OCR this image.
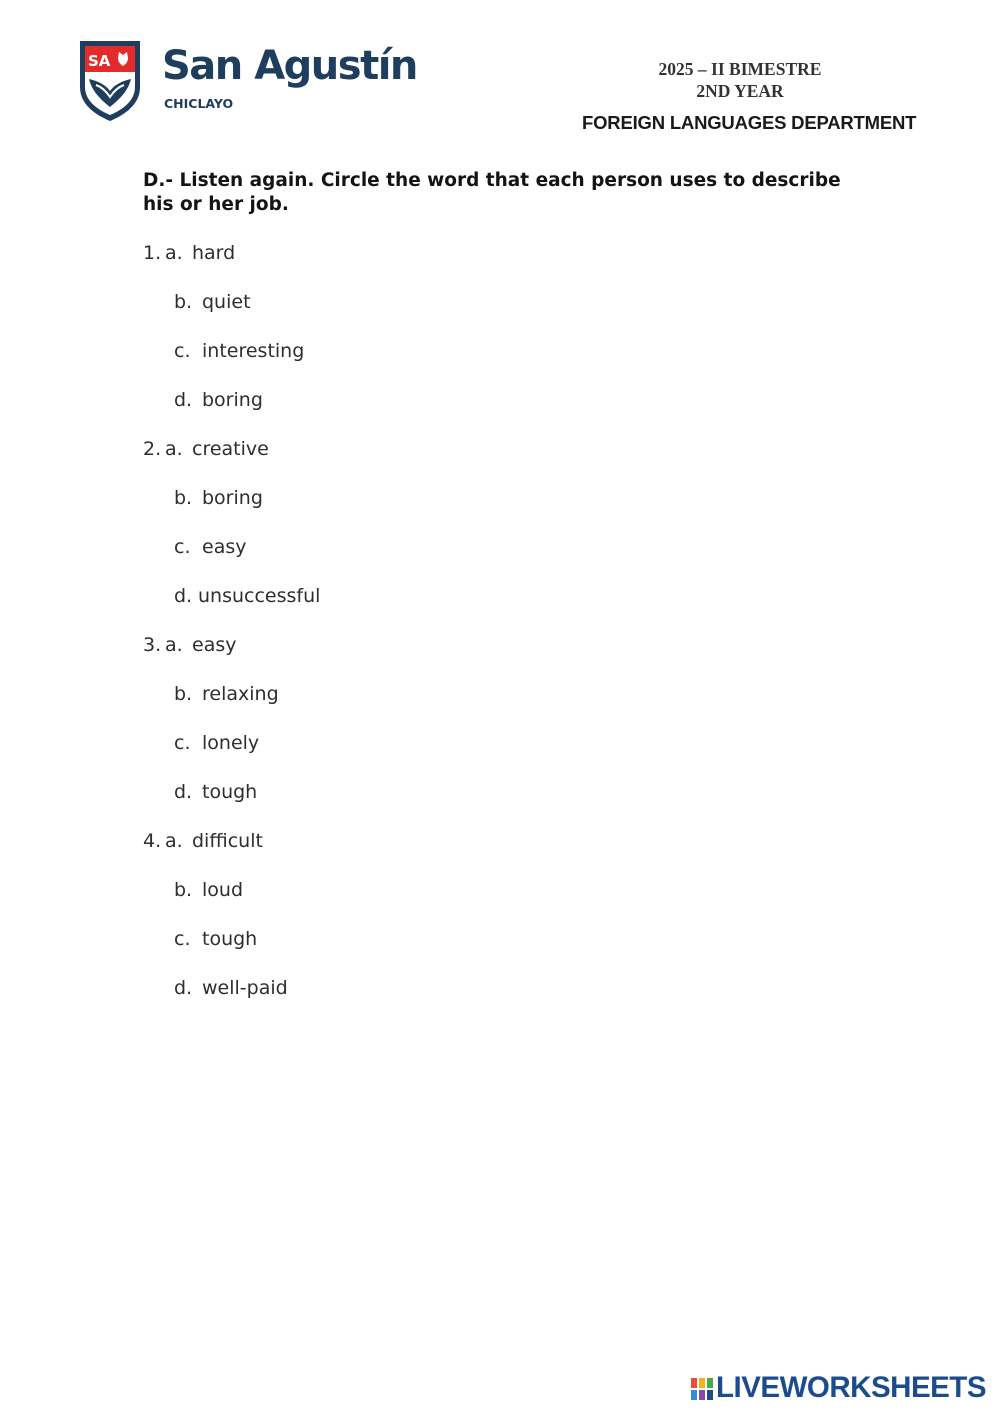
SA San Agustín
CHICLAYO
2025 – II BIMESTRE
2ND YEAR
FOREIGN LANGUAGES DEPARTMENT
D.- Listen again. Circle the word that each person uses to describe his or her job.
1. a. hard
b. quiet
c. interesting
d. boring
2. a. creative
b. boring
c. easy
d. unsuccessful
3. a. easy
b. relaxing
c. lonely
d. tough
4. a. difficult
b. loud
c. tough
d. well-paid
LIVEWORKSHEETS
